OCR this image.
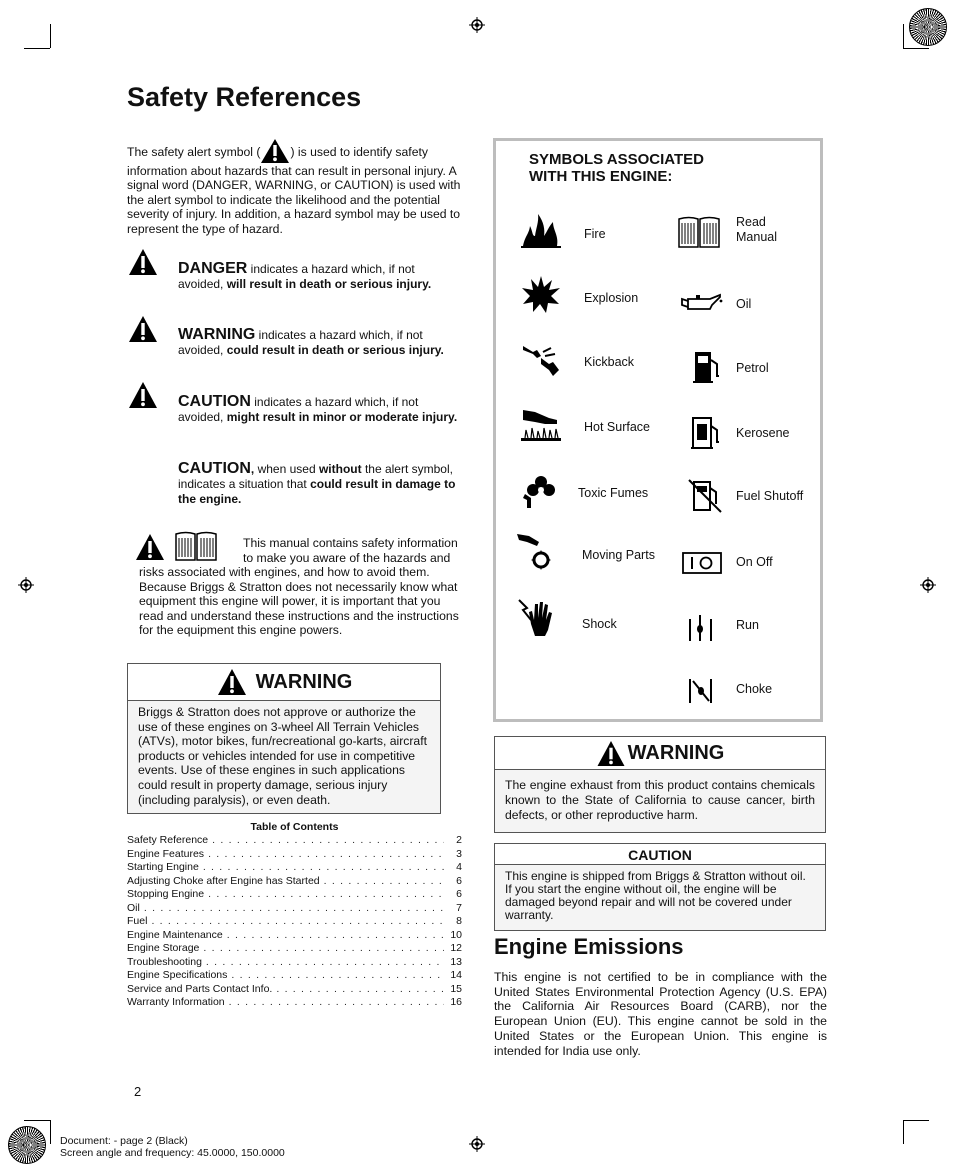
Safety References
The safety alert symbol ( ) is used to identify safety information about hazards that can result in personal injury. A signal word (DANGER, WARNING, or CAUTION) is used with the alert symbol to indicate the likelihood and the potential severity of injury. In addition, a hazard symbol may be used to represent the type of hazard.
DANGER indicates a hazard which, if not avoided, will result in death or serious injury.
WARNING indicates a hazard which, if not avoided, could result in death or serious injury.
CAUTION indicates a hazard which, if not avoided, might result in minor or moderate injury.
CAUTION, when used without the alert symbol, indicates a situation that could result in damage to the engine.
This manual contains safety information to make you aware of the hazards and risks associated with engines, and how to avoid them. Because Briggs & Stratton does not necessarily know what equipment this engine will power, it is important that you read and understand these instructions and the instructions for the equipment this engine powers.
WARNING
Briggs & Stratton does not approve or authorize the use of these engines on 3-wheel All Terrain Vehicles (ATVs), motor bikes, fun/recreational go-karts, aircraft products or vehicles intended for use in competitive events. Use of these engines in such applications could result in property damage, serious injury (including paralysis), or even death.
Table of Contents
Safety Reference . . .	2
Engine Features . . .	3
Starting Engine . . .	4
Adjusting Choke after Engine has Started . . .	6
Stopping Engine . . .	6
Oil . . .	7
Fuel . . .	8
Engine Maintenance . . .	10
Engine Storage . . .	12
Troubleshooting . . .	13
Engine Specifications . . .	14
Service and Parts Contact Info. . . .	15
Warranty Information . . .	16
SYMBOLS ASSOCIATED
WITH THIS ENGINE:
Fire
Explosion
Kickback
Hot Surface
Toxic Fumes
Moving Parts
Shock
Read
Manual
Oil
Petrol
Kerosene
Fuel Shutoff
On Off
Run
Choke
WARNING
The engine exhaust from this product contains chemicals known to the State of California to cause cancer, birth defects, or other reproductive harm.
CAUTION
This engine is shipped from Briggs & Stratton without oil. If you start the engine without oil, the engine will be damaged beyond repair and will not be covered under warranty.
Engine Emissions
This engine is not certified to be in compliance with the United States Environmental Protection Agency (U.S. EPA) the California Air Resources Board (CARB), nor the European Union (EU). This engine cannot be sold in the United States or the European Union. This engine is intended for India use only.
2
Document: - page 2 (Black)
Screen angle and frequency: 45.0000, 150.0000
